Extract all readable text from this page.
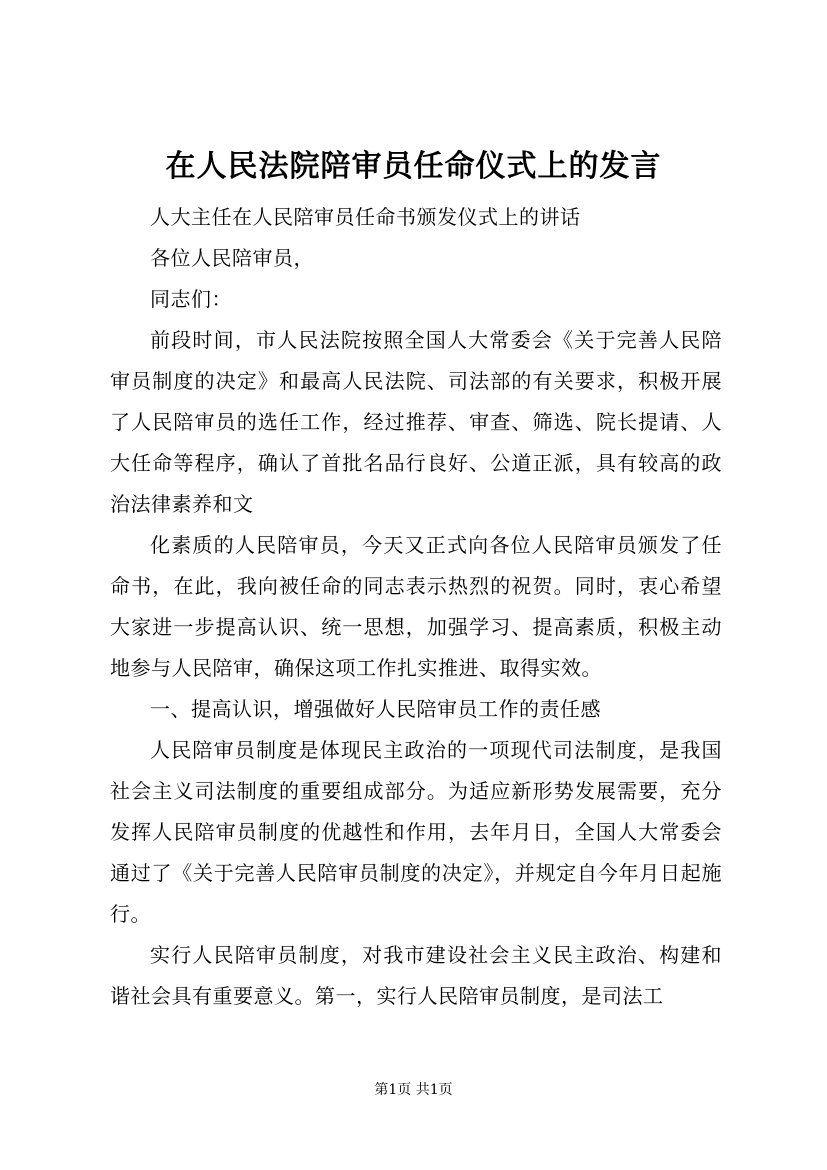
在人民法院陪审员任命仪式上的发言

人大主任在人民陪审员任命书颁发仪式上的讲话

各位人民陪审员，

同志们：

前段时间，市人民法院按照全国人大常委会《关于完善人民陪审员制度的决定》和最高人民法院、司法部的有关要求，积极开展了人民陪审员的选任工作，经过推荐、审查、筛选、院长提请、人大任命等程序，确认了首批名品行良好、公道正派，具有较高的政治法律素养和文

化素质的人民陪审员，今天又正式向各位人民陪审员颁发了任命书，在此，我向被任命的同志表示热烈的祝贺。同时，衷心希望大家进一步提高认识、统一思想，加强学习、提高素质，积极主动地参与人民陪审，确保这项工作扎实推进、取得实效。

一、提高认识，增强做好人民陪审员工作的责任感

人民陪审员制度是体现民主政治的一项现代司法制度，是我国社会主义司法制度的重要组成部分。为适应新形势发展需要，充分发挥人民陪审员制度的优越性和作用，去年月日，全国人大常委会通过了《关于完善人民陪审员制度的决定》，并规定自今年月日起施行。

实行人民陪审员制度，对我市建设社会主义民主政治、构建和谐社会具有重要意义。第一，实行人民陪审员制度，是司法工

第1页 共1页
